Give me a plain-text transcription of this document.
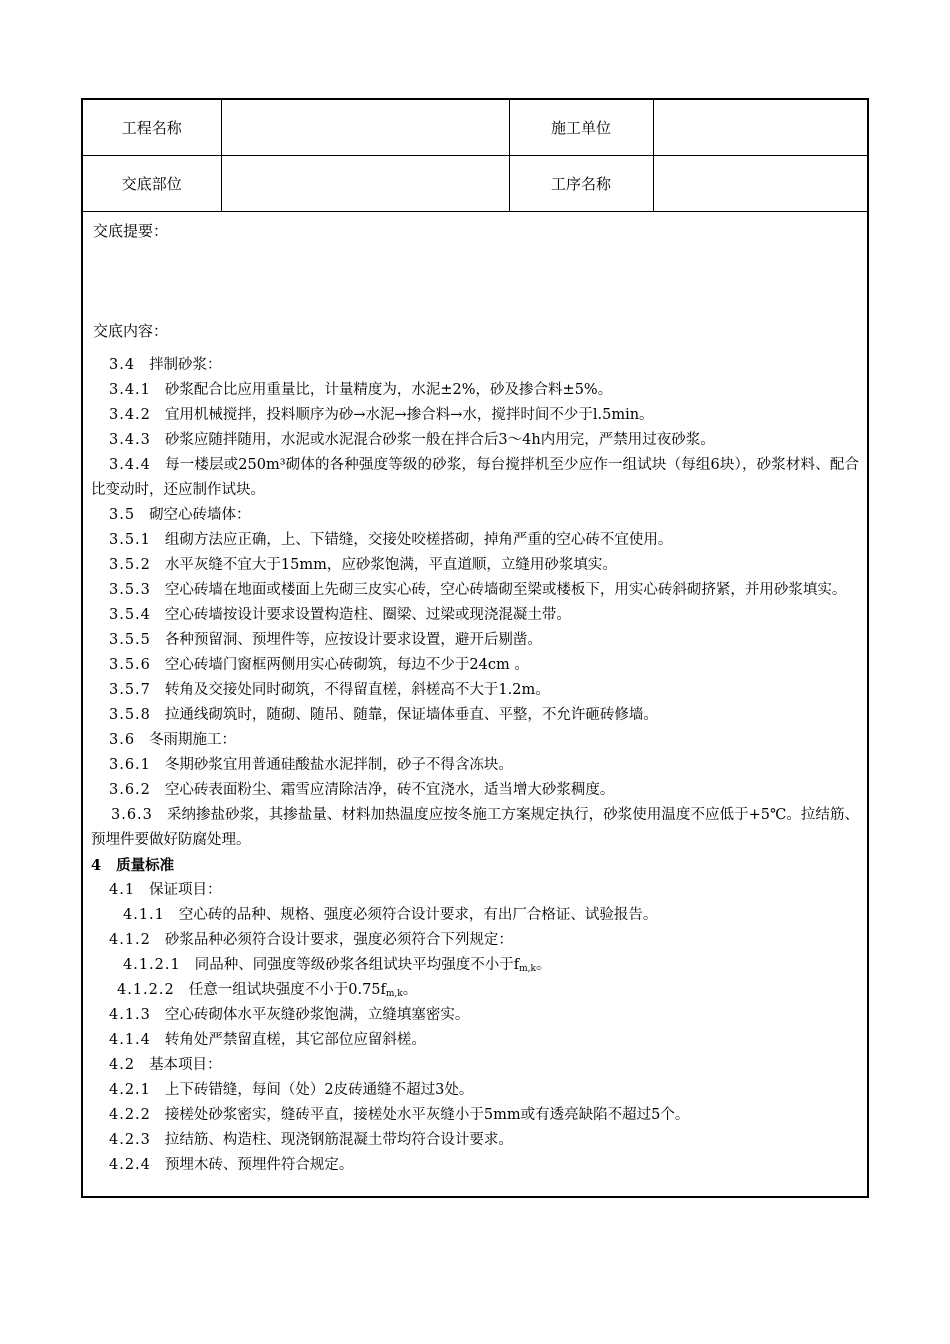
工程名称		施工单位	
交底部位		工序名称	
交底提要：
交底内容：
3.4 拌制砂浆：
3.4.1 砂浆配合比应用重量比，计量精度为，水泥±2%，砂及掺合料±5%。
3.4.2 宜用机械搅拌，投料顺序为砂→水泥→掺合料→水，搅拌时间不少于l.5min。
3.4.3 砂浆应随拌随用，水泥或水泥混合砂浆一般在拌合后3～4h内用完，严禁用过夜砂浆。
3.4.4 每一楼层或250m³砌体的各种强度等级的砂浆，每台搅拌机至少应作一组试块（每组6块），砂浆材料、配合比变动时，还应制作试块。
3.5 砌空心砖墙体：
3.5.1 组砌方法应正确，上、下错缝，交接处咬槎搭砌，掉角严重的空心砖不宜使用。
3.5.2 水平灰缝不宜大于15mm，应砂浆饱满，平直道顺，立缝用砂浆填实。
3.5.3 空心砖墙在地面或楼面上先砌三皮实心砖，空心砖墙砌至梁或楼板下，用实心砖斜砌挤紧，并用砂浆填实。
3.5.4 空心砖墙按设计要求设置构造柱、圈梁、过梁或现浇混凝土带。
3.5.5 各种预留洞、预埋件等，应按设计要求设置，避开后剔凿。
3.5.6 空心砖墙门窗框两侧用实心砖砌筑，每边不少于24cm 。
3.5.7 转角及交接处同时砌筑，不得留直槎，斜槎高不大于1.2m。
3.5.8 拉通线砌筑时，随砌、随吊、随靠，保证墙体垂直、平整，不允许砸砖修墙。
3.6 冬雨期施工：
3.6.1 冬期砂浆宜用普通硅酸盐水泥拌制，砂子不得含冻块。
3.6.2 空心砖表面粉尘、霜雪应清除洁净，砖不宜浇水，适当增大砂浆稠度。
3.6.3 采纳掺盐砂浆，其掺盐量、材料加热温度应按冬施工方案规定执行，砂浆使用温度不应低于+5℃。拉结筋、预埋件要做好防腐处理。
4 质量标准
4.1 保证项目：
4.1.1 空心砖的品种、规格、强度必须符合设计要求，有出厂合格证、试验报告。
4.1.2 砂浆品种必须符合设计要求，强度必须符合下列规定：
4.1.2.1 同品种、同强度等级砂浆各组试块平均强度不小于$f_{m,k}$。
4.1.2.2 任意一组试块强度不小于$0.75f_{m,k}$。
4.1.3 空心砖砌体水平灰缝砂浆饱满，立缝填塞密实。
4.1.4 转角处严禁留直槎，其它部位应留斜槎。
4.2 基本项目：
4.2.1 上下砖错缝，每间（处）2皮砖通缝不超过3处。
4.2.2 接槎处砂浆密实，缝砖平直，接槎处水平灰缝小于5mm或有透亮缺陷不超过5个。
4.2.3 拉结筋、构造柱、现浇钢筋混凝土带均符合设计要求。
4.2.4 预埋木砖、预埋件符合规定。
